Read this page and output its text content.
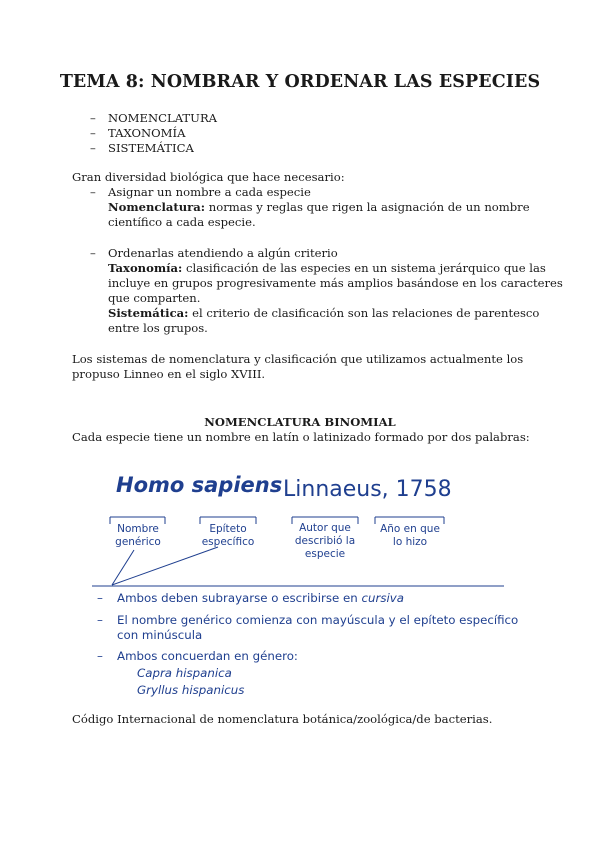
TEMA 8: NOMBRAR Y ORDENAR LAS ESPECIES
–	NOMENCLATURA
–	TAXONOMÍA
–	SISTEMÁTICA
Gran diversidad biológica que hace necesario:
–	Asignar un nombre a cada especie
Nomenclatura: normas y reglas que rigen la asignación de un nombre
científico a cada especie.
–	Ordenarlas atendiendo a algún criterio
Taxonomía: clasificación de las especies en un sistema jerárquico que las
incluye en grupos progresivamente más amplios basándose en los caracteres
que comparten.
Sistemática: el criterio de clasificación son las relaciones de parentesco
entre los grupos.
Los sistemas de nomenclatura y clasificación que utilizamos actualmente los
propuso Linneo en el siglo XVIII.
NOMENCLATURA BINOMIAL
Cada especie tiene un nombre en latín o latinizado formado por dos palabras:
Homo sapiens Linnaeus, 1758
Nombre
genérico
Epíteto
específico
Autor que
describió la
especie
Año en que
lo hizo
– Ambos deben subrayarse o escribirse en cursiva
– El nombre genérico comienza con mayúscula y el epíteto específico
con minúscula
– Ambos concuerdan en género:
Capra hispanica
Gryllus hispanicus
Código Internacional de nomenclatura botánica/zoológica/de bacterias.
